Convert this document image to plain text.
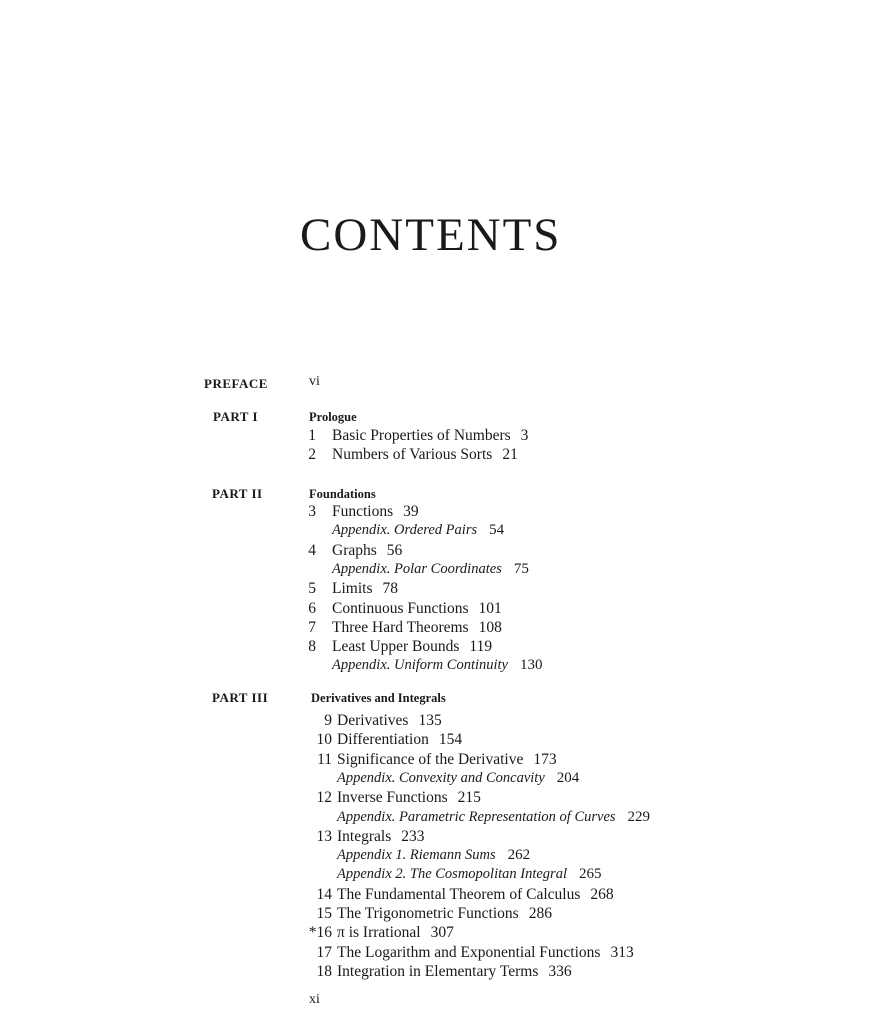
CONTENTS
PREFACE	vi
PART I	Prologue
1 Basic Properties of Numbers 3
2 Numbers of Various Sorts 21
PART II	Foundations
3 Functions 39
Appendix. Ordered Pairs 54
4 Graphs 56
Appendix. Polar Coordinates 75
5 Limits 78
6 Continuous Functions 101
7 Three Hard Theorems 108
8 Least Upper Bounds 119
Appendix. Uniform Continuity 130
PART III	Derivatives and Integrals
9 Derivatives 135
10 Differentiation 154
11 Significance of the Derivative 173
Appendix. Convexity and Concavity 204
12 Inverse Functions 215
Appendix. Parametric Representation of Curves 229
13 Integrals 233
Appendix 1. Riemann Sums 262
Appendix 2. The Cosmopolitan Integral 265
14 The Fundamental Theorem of Calculus 268
15 The Trigonometric Functions 286
*16 π is Irrational 307
17 The Logarithm and Exponential Functions 313
18 Integration in Elementary Terms 336
xi
